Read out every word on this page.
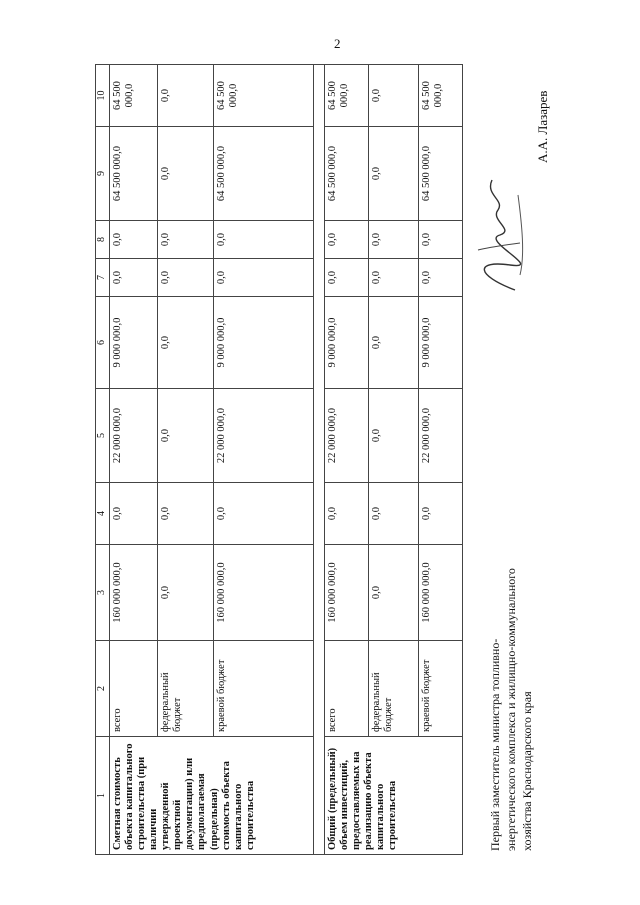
2
1	2	3	4	5	6	7	8	9	10
Сметная стоимость объекта капитального строительства (при наличии утвержденной проектной документации) или предполагаемая (предельная) стоимость объекта капитального строительства	всего	160 000 000,0	0,0	22 000 000,0	9 000 000,0	0,0	0,0	64 500 000,0	64 500 000,0
	федеральный бюджет	0,0	0,0	0,0	0,0	0,0	0,0	0,0	0,0
	краевой бюджет	160 000 000,0	0,0	22 000 000,0	9 000 000,0	0,0	0,0	64 500 000,0	64 500 000,0

Общий (предельный) объем инвестиций, предоставляемых на реализацию объекта капитального строительства	всего	160 000 000,0	0,0	22 000 000,0	9 000 000,0	0,0	0,0	64 500 000,0	64 500 000,0
	федеральный бюджет	0,0	0,0	0,0	0,0	0,0	0,0	0,0	0,0
	краевой бюджет	160 000 000,0	0,0	22 000 000,0	9 000 000,0	0,0	0,0	64 500 000,0	64 500 000,0
Первый заместитель министра топливно-энергетического комплекса и жилищно-коммунального хозяйства Краснодарского края
А.А. Лазарев
